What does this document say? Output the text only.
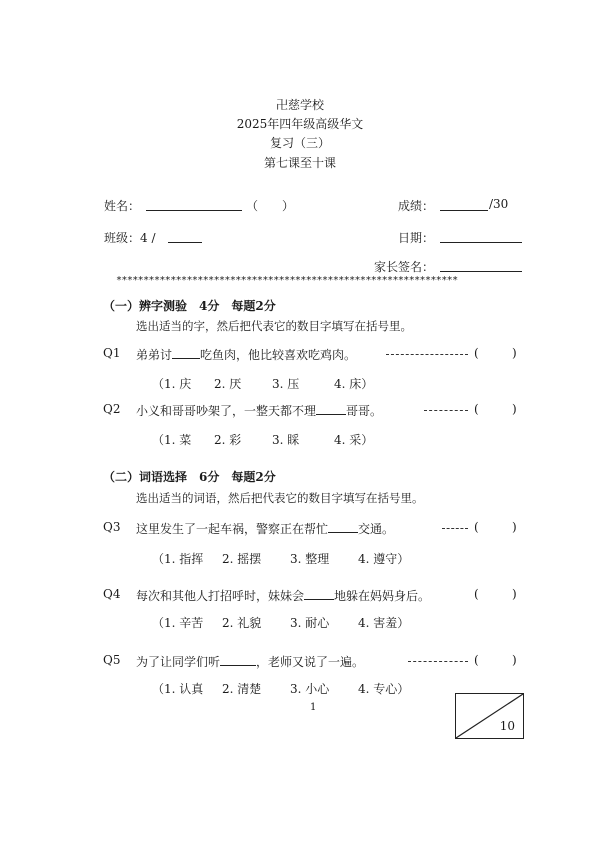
卍慈学校
2025年四年级高级华文
复习（三）
第七课至十课
姓名：	（　　）	成绩：	/30
班级：4 /	日期：
家长签名：
***************************************************************
（一）辨字测验　4分　每题2分
选出适当的字，然后把代表它的数目字填写在括号里。
Q1 弟弟讨 吃鱼肉，他比较喜欢吃鸡肉。	(	)
（1. 庆 2. 厌	3. 压	4. 床）
Q2 小义和哥哥吵架了，一整天都不理	哥哥。	(	)
（1. 菜 2. 彩	3. 睬	4. 采）
（二）词语选择　6分　每题2分
选出适当的词语，然后把代表它的数目字填写在括号里。
Q3 这里发生了一起车祸，警察正在帮忙	交通。	(	)
（1. 指挥 2. 摇摆 3. 整理 4. 遵守）
Q4 每次和其他人打招呼时，妹妹会	地躲在妈妈身后。	(	)
（1. 辛苦 2. 礼貌 3. 耐心 4. 害羞）
Q5 为了让同学们听	，老师又说了一遍。	(	)
（1. 认真 2. 清楚 3. 小心 4. 专心）
1
10
